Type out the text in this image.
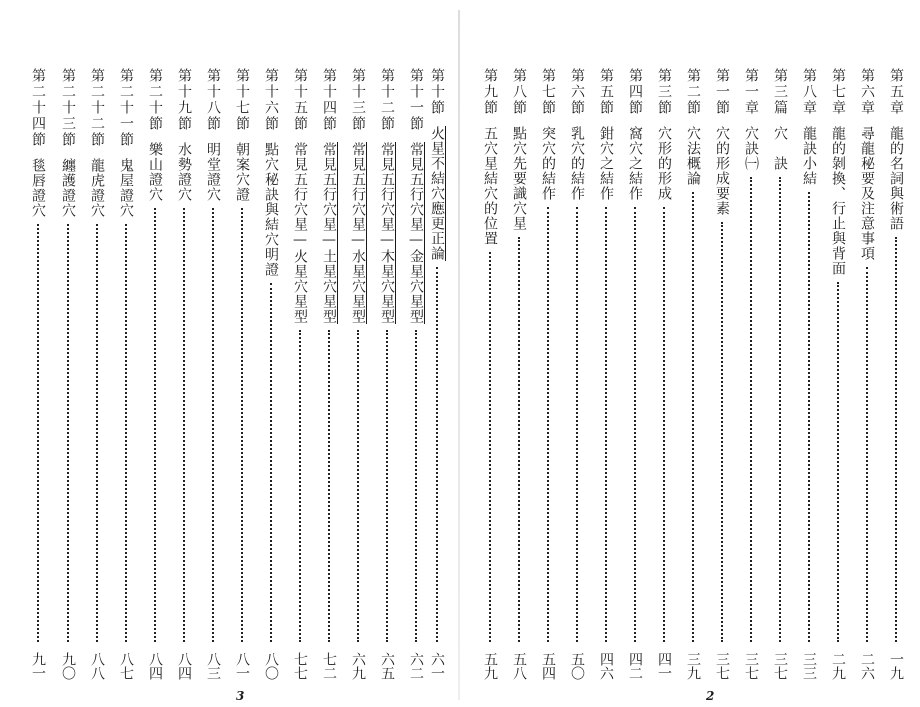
3
第二十四節
毯唇證穴
九一
第二十三節
纏護證穴
九〇
第二十二節
龍虎證穴
八八
第二十一節
鬼屋證穴
八七
第二十節
樂山證穴
八四
第十九節
水勢證穴
八四
第十八節
明堂證穴
八三
第十七節
朝案穴證
八一
第十六節
點穴秘訣與結穴明證
八〇
第十五節
常見五行穴星—火星穴星型
七七
第十四節
常見五行穴星—土星穴星型
七二
第十三節
常見五行穴星—水星穴星型
六九
第十二節
常見五行穴星—木星穴星型
六五
第十一節
常見五行穴星—金星穴星型
六二
第十節
火星不結穴應更正論
六一
2
第九節
五穴星結穴的位置
五九
第八節
點穴先要識穴星
五八
第七節
突穴的結作
五四
第六節
乳穴的結作
五〇
第五節
鉗穴之結作
四六
第四節
窩穴之結作
四二
第三節
穴形的形成
四一
第二節
穴法概論
三九
第一節
穴的形成要素
三七
第一章
穴訣㈠
三七
第三篇
穴　訣
三七
第八章
龍訣小結
三三
第七章
龍的剝換、行止與背面
二九
第六章
尋龍秘要及注意事項
二六
第五章
龍的名詞與術語
一九
